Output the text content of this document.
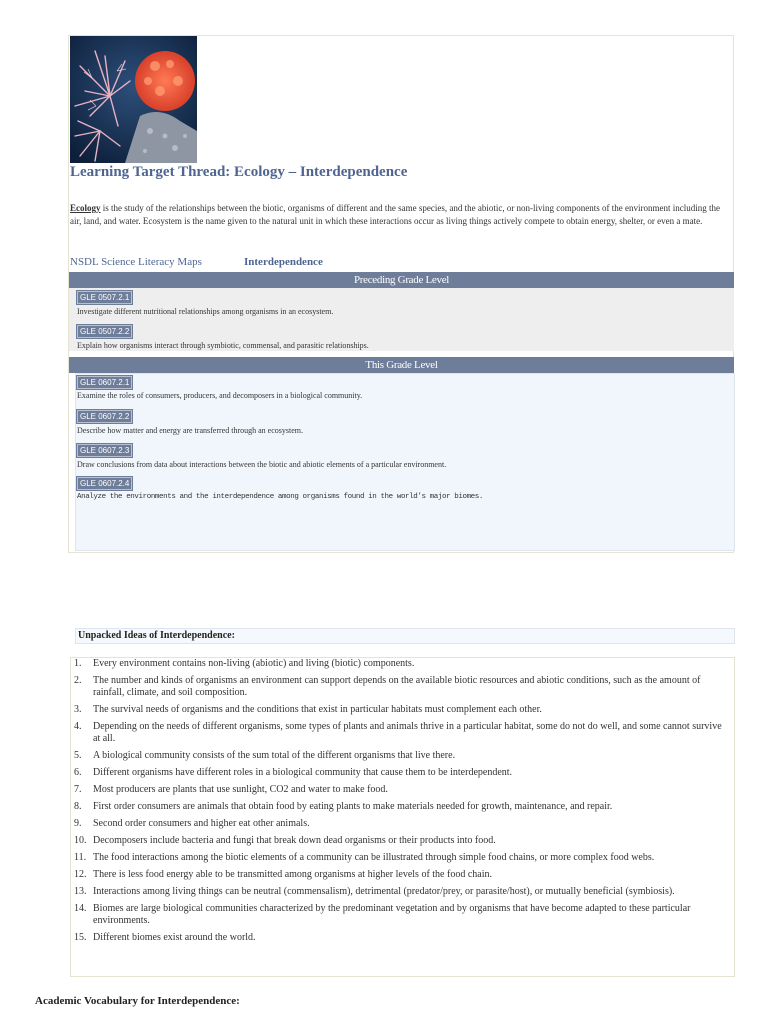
Learning Target Thread: Ecology – Interdependence
Ecology is the study of the relationships between the biotic, organisms of different and the same species, and the abiotic, or non-living components of the environment including the air, land, and water. Ecosystem is the name given to the natural unit in which these interactions occur as living things actively compete to obtain energy, shelter, or even a mate.
NSDL Science Literacy Maps	Interdependence
Preceding Grade Level
GLE 0507.2.1
Investigate different nutritional relationships among organisms in an ecosystem.
GLE 0507.2.2
Explain how organisms interact through symbiotic, commensal, and parasitic relationships.
This Grade Level
GLE 0607.2.1
Examine the roles of consumers, producers, and decomposers in a biological community.
GLE 0607.2.2
Describe how matter and energy are transferred through an ecosystem.
GLE 0607.2.3
Draw conclusions from data about interactions between the biotic and abiotic elements of a particular environment.
GLE 0607.2.4
Analyze the environments and the interdependence among organisms found in the world’s major biomes.
Unpacked Ideas of Interdependence:
1. Every environment contains non-living (abiotic) and living (biotic) components.
2. The number and kinds of organisms an environment can support depends on the available biotic resources and abiotic conditions, such as the amount of rainfall, climate, and soil composition.
3. The survival needs of organisms and the conditions that exist in particular habitats must complement each other.
4. Depending on the needs of different organisms, some types of plants and animals thrive in a particular habitat, some do not do well, and some cannot survive at all.
5. A biological community consists of the sum total of the different organisms that live there.
6. Different organisms have different roles in a biological community that cause them to be interdependent.
7. Most producers are plants that use sunlight, CO2 and water to make food.
8. First order consumers are animals that obtain food by eating plants to make materials needed for growth, maintenance, and repair.
9. Second order consumers and higher eat other animals.
10. Decomposers include bacteria and fungi that break down dead organisms or their products into food.
11. The food interactions among the biotic elements of a community can be illustrated through simple food chains, or more complex food webs.
12. There is less food energy able to be transmitted among organisms at higher levels of the food chain.
13. Interactions among living things can be neutral (commensalism), detrimental (predator/prey, or parasite/host), or mutually beneficial (symbiosis).
14. Biomes are large biological communities characterized by the predominant vegetation and by organisms that have become adapted to these particular environments.
15. Different biomes exist around the world.
Academic Vocabulary for Interdependence:
